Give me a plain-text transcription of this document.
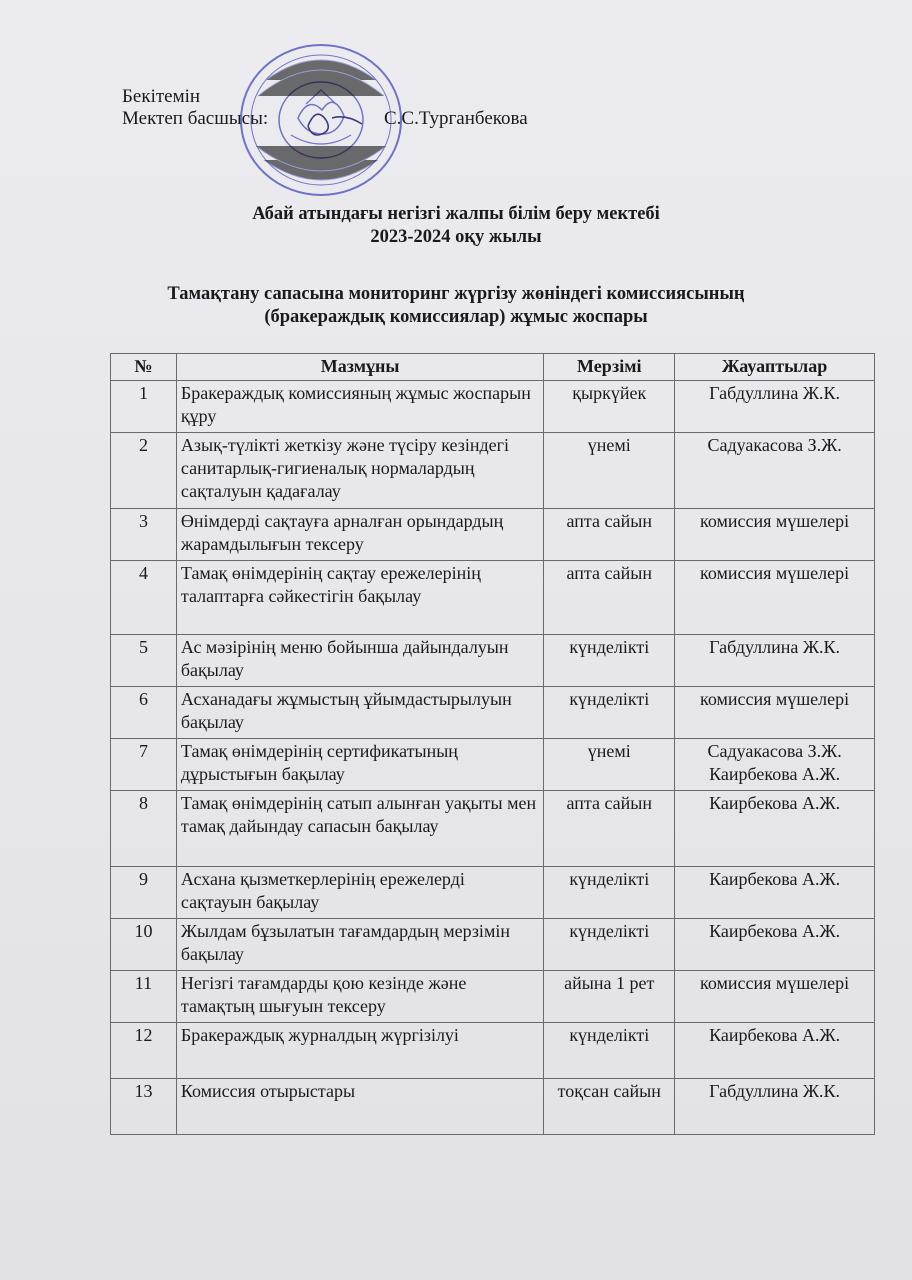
Бекітемін
Мектеп басшысы:	С.С.Турганбекова
Абай атындағы негізгі жалпы білім беру мектебі
2023-2024 оқу жылы
Тамақтану сапасына мониторинг жүргізу жөніндегі комиссиясының
(бракераждық комиссиялар) жұмыс жоспары
№	Мазмұны	Мерзімі	Жауаптылар
1	Бракераждық комиссияның жұмыс жоспарын құру	қыркүйек	Габдуллина Ж.К.
2	Азық-түлікті жеткізу және түсіру кезіндегі санитарлық-гигиеналық нормалардың сақталуын қадағалау	үнемі	Садуакасова З.Ж.
3	Өнімдерді сақтауға арналған орындардың жарамдылығын тексеру	апта сайын	комиссия мүшелері
4	Тамақ өнімдерінің сақтау ережелерінің талаптарға сәйкестігін бақылау	апта сайын	комиссия мүшелері
5	Ас мәзірінің меню бойынша дайындалуын бақылау	күнделікті	Габдуллина Ж.К.
6	Асханадағы жұмыстың ұйымдастырылуын бақылау	күнделікті	комиссия мүшелері
7	Тамақ өнімдерінің сертификатының дұрыстығын бақылау	үнемі	Садуакасова З.Ж. Каирбекова А.Ж.
8	Тамақ өнімдерінің сатып алынған уақыты мен тамақ дайындау сапасын бақылау	апта сайын	Каирбекова А.Ж.
9	Асхана қызметкерлерінің ережелерді сақтауын бақылау	күнделікті	Каирбекова А.Ж.
10	Жылдам бұзылатын тағамдардың мерзімін бақылау	күнделікті	Каирбекова А.Ж.
11	Негізгі тағамдарды қою кезінде және тамақтың шығуын тексеру	айына 1 рет	комиссия мүшелері
12	Бракераждық журналдың жүргізілуі	күнделікті	Каирбекова А.Ж.
13	Комиссия отырыстары	тоқсан сайын	Габдуллина Ж.К.
